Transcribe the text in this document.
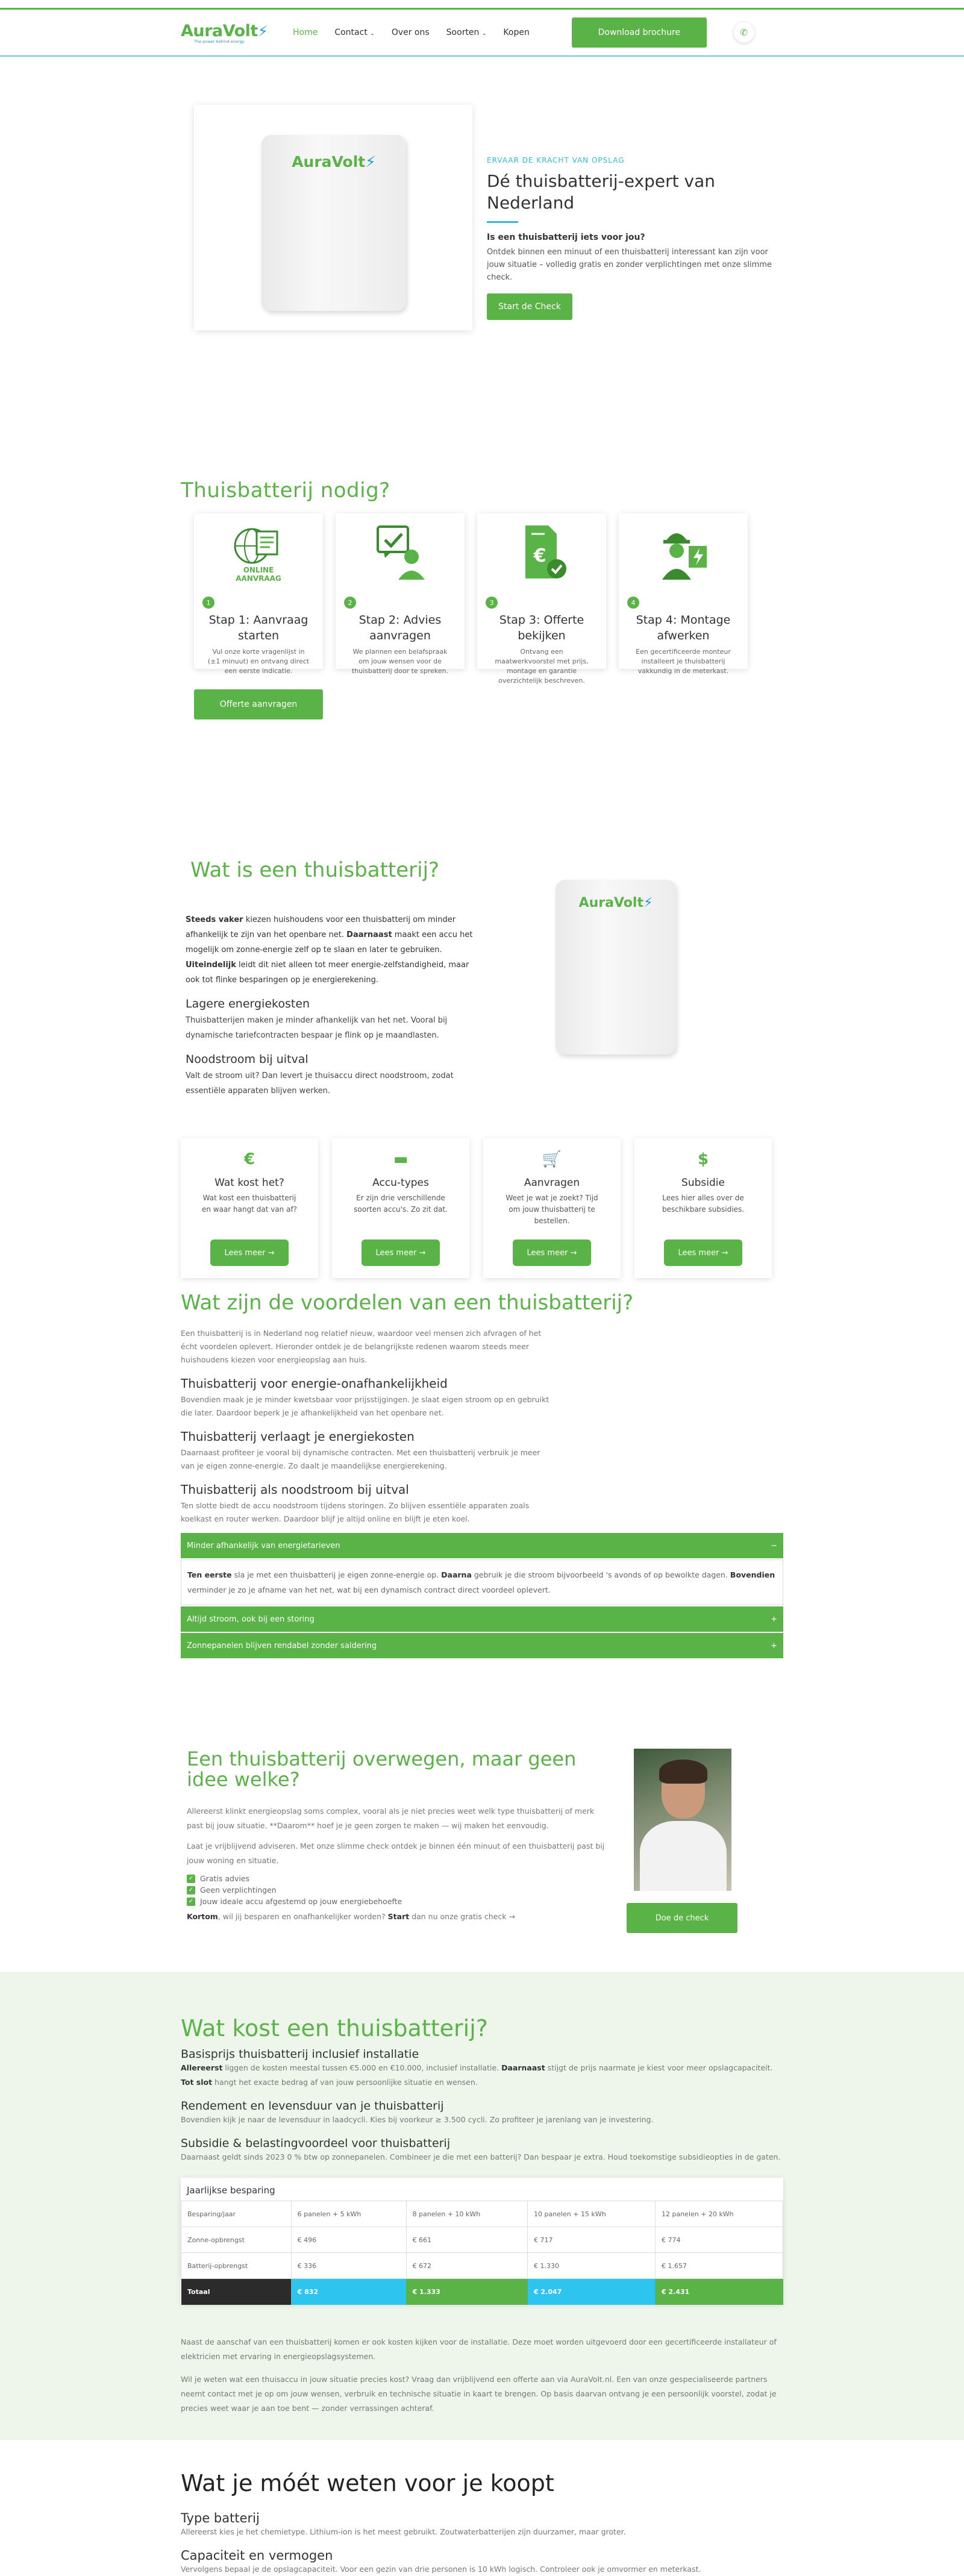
AuraVolt⚡
The power behind energy
Home Contact ⌄ Over ons Soorten ⌄ Kopen	Download brochure	✆
AuraVolt⚡	ERVAAR DE KRACHT VAN OPSLAG
Dé thuisbatterij-expert van Nederland
Is een thuisbatterij iets voor jou?

Ontdek binnen een minuut of een thuisbatterij interessant kan zijn voor jouw situatie – volledig gratis en zonder verplichtingen met onze slimme check.

Start de Check
Thuisbatterij nodig?
ONLINE
AANVRAAG
1
Stap 1: Aanvraag starten

Vul onze korte vragenlijst in (±1 minuut) en ontvang direct een eerste indicatie.

2
Stap 2: Advies aanvragen

We plannen een belafspraak om jouw wensen voor de thuisbatterij door te spreken.

€
3
Stap 3: Offerte bekijken

Ontvang een maatwerkvoorstel met prijs, montage en garantie overzichtelijk beschreven.

4
Stap 4: Montage afwerken

Een gecertificeerde monteur installeert je thuisbatterij vakkundig in de meterkast.

Offerte aanvragen
Wat is een thuisbatterij?

Steeds vaker kiezen huishoudens voor een thuisbatterij om minder afhankelijk te zijn van het openbare net. Daarnaast maakt een accu het mogelijk om zonne-energie zelf op te slaan en later te gebruiken. Uiteindelijk leidt dit niet alleen tot meer energie-zelfstandigheid, maar ook tot flinke besparingen op je energierekening.

Lagere energiekosten

Thuisbatterijen maken je minder afhankelijk van het net. Vooral bij dynamische tariefcontracten bespaar je flink op je maandlasten.

Noodstroom bij uitval

Valt de stroom uit? Dan levert je thuisaccu direct noodstroom, zodat essentiële apparaten blijven werken.

AuraVolt⚡
€
Wat kost het?

Wat kost een thuisbatterij en waar hangt dat van af?

Lees meer →
▬
Accu-types

Er zijn drie verschillende soorten accu's. Zo zit dat.

Lees meer →
🛒
Aanvragen

Weet je wat je zoekt? Tijd om jouw thuisbatterij te bestellen.

Lees meer →
$
Subsidie

Lees hier alles over de beschikbare subsidies.

Lees meer →
Wat zijn de voordelen van een thuisbatterij?

Een thuisbatterij is in Nederland nog relatief nieuw, waardoor veel mensen zich afvragen of het écht voordelen oplevert. Hieronder ontdek je de belangrijkste redenen waarom steeds meer huishoudens kiezen voor energieopslag aan huis.

Thuisbatterij voor energie-onafhankelijkheid

Bovendien maak je je minder kwetsbaar voor prijsstijgingen. Je slaat eigen stroom op en gebruikt die later. Daardoor beperk je je afhankelijkheid van het openbare net.

Thuisbatterij verlaagt je energiekosten

Daarnaast profiteer je vooral bij dynamische contracten. Met een thuisbatterij verbruik je meer van je eigen zonne-energie. Zo daalt je maandelijkse energierekening.

Thuisbatterij als noodstroom bij uitval

Ten slotte biedt de accu noodstroom tijdens storingen. Zo blijven essentiële apparaten zoals koelkast en router werken. Daardoor blijf je altijd online en blijft je eten koel.

Minder afhankelijk van energietarieven	−
Ten eerste sla je met een thuisbatterij je eigen zonne-energie op. Daarna gebruik je die stroom bijvoorbeeld 's avonds of op bewolkte dagen. Bovendien verminder je zo je afname van het net, wat bij een dynamisch contract direct voordeel oplevert.
Altijd stroom, ook bij een storing	+
Zonnepanelen blijven rendabel zonder saldering	+
Een thuisbatterij overwegen, maar geen idee welke?

Allereerst klinkt energieopslag soms complex, vooral als je niet precies weet welk type thuisbatterij of merk past bij jouw situatie. **Daarom** hoef je je geen zorgen te maken — wij maken het eenvoudig.

Laat je vrijblijvend adviseren. Met onze slimme check ontdek je binnen één minuut of een thuisbatterij past bij jouw woning en situatie.

✓ Gratis advies
✓ Geen verplichtingen
✓ Jouw ideale accu afgestemd op jouw energiebehoefte

Kortom, wil jij besparen en onafhankelijker worden? Start dan nu onze gratis check →	Doe de check
Wat kost een thuisbatterij?
Basisprijs thuisbatterij inclusief installatie

Allereerst liggen de kosten meestal tussen €5.000 en €10.000, inclusief installatie. Daarnaast stijgt de prijs naarmate je kiest voor meer opslagcapaciteit. Tot slot hangt het exacte bedrag af van jouw persoonlijke situatie en wensen.

Rendement en levensduur van je thuisbatterij

Bovendien kijk je naar de levensduur in laadcycli. Kies bij voorkeur ≥ 3.500 cycli. Zo profiteer je jarenlang van je investering.

Subsidie & belastingvoordeel voor thuisbatterij

Daarnaast geldt sinds 2023 0 % btw op zonnepanelen. Combineer je die met een batterij? Dan bespaar je extra. Houd toekomstige subsidieopties in de gaten.

Jaarlijkse besparing
Besparing/jaar	6 panelen + 5 kWh	8 panelen + 10 kWh	10 panelen + 15 kWh	12 panelen + 20 kWh
Zonne-opbrengst	€ 496	€ 661	€ 717	€ 774
Batterij-opbrengst	€ 336	€ 672	€ 1.330	€ 1.657
Totaal	€ 832	€ 1.333	€ 2.047	€ 2.431

Naast de aanschaf van een thuisbatterij komen er ook kosten kijken voor de installatie. Deze moet worden uitgevoerd door een gecertificeerde installateur of elektricien met ervaring in energieopslagsystemen.

Wil je weten wat een thuisaccu in jouw situatie precies kost? Vraag dan vrijblijvend een offerte aan via AuraVolt.nl. Een van onze gespecialiseerde partners neemt contact met je op om jouw wensen, verbruik en technische situatie in kaart te brengen. Op basis daarvan ontvang je een persoonlijk voorstel, zodat je precies weet waar je aan toe bent — zonder verrassingen achteraf.

Wat je móét weten voor je koopt
Type batterij

Allereerst kies je het chemietype. Lithium-ion is het meest gebruikt. Zoutwaterbatterijen zijn duurzamer, maar groter.

Capaciteit en vermogen

Vervolgens bepaal je de opslagcapaciteit. Voor een gezin van drie personen is 10 kWh logisch. Controleer ook je omvormer en meterkast.
